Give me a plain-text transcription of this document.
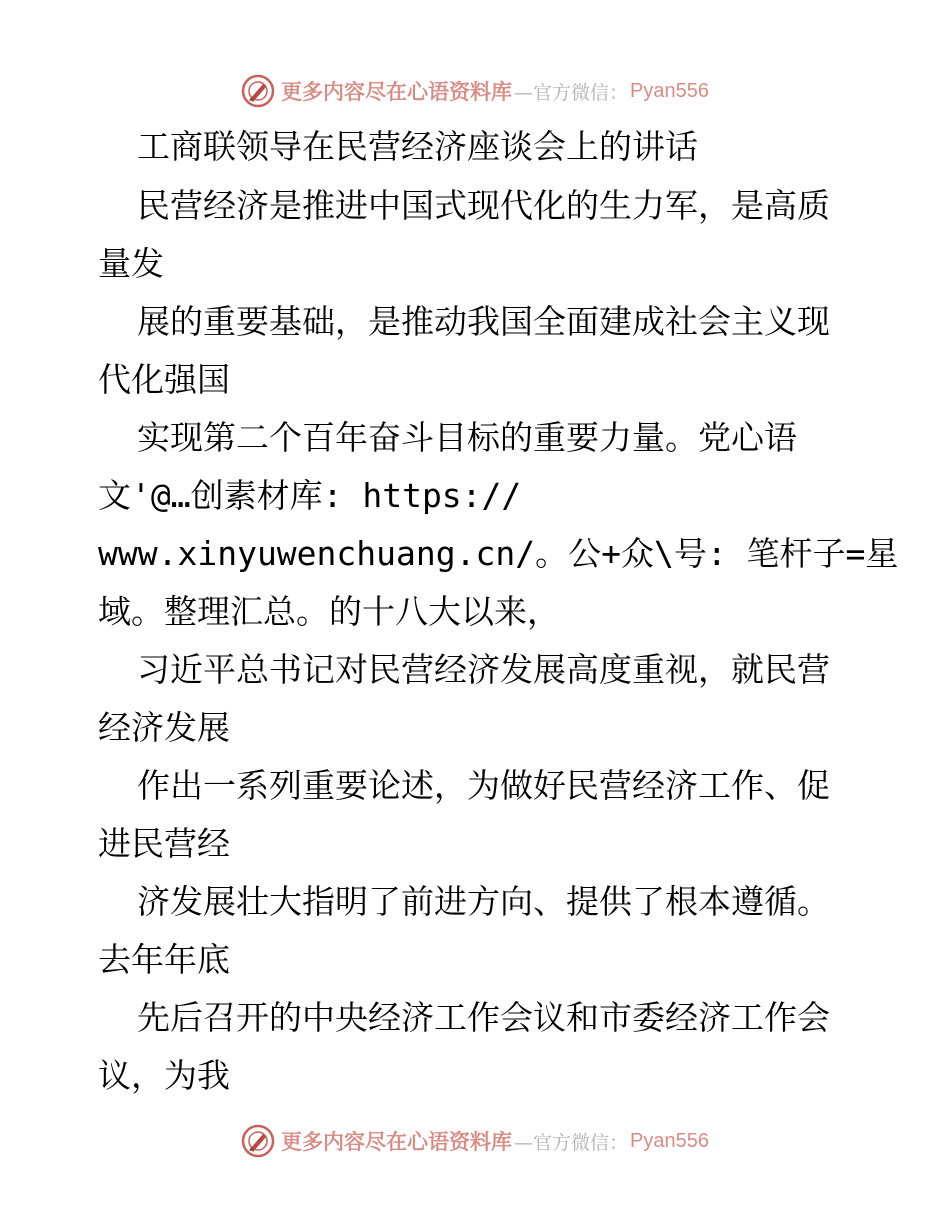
更多内容尽在心语资料库 —官方微信： Pyan556
工商联领导在民营经济座谈会上的讲话
民营经济是推进中国式现代化的生力军，是高质
量发
展的重要基础，是推动我国全面建成社会主义现
代化强国
实现第二个百年奋斗目标的重要力量。党心语
文'@…创素材库: https://
www.xinyuwenchuang.cn/。公+众\号: 笔杆子=星
域。整理汇总。的十八大以来，
习近平总书记对民营经济发展高度重视，就民营
经济发展
作出一系列重要论述，为做好民营经济工作、促
进民营经
济发展壮大指明了前进方向、提供了根本遵循。
去年年底
先后召开的中央经济工作会议和市委经济工作会
议，为我
更多内容尽在心语资料库 —官方微信： Pyan556
